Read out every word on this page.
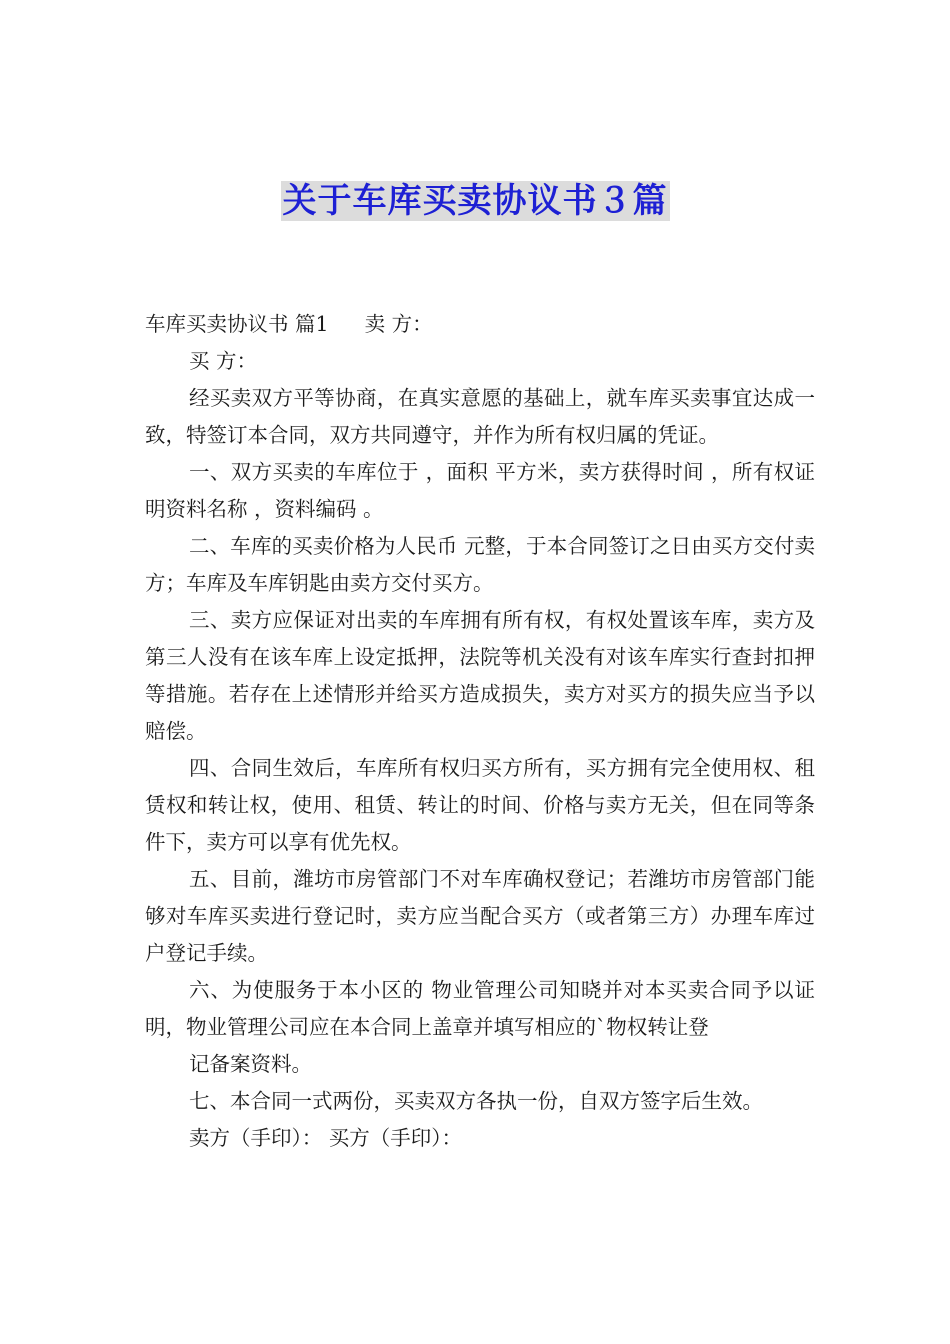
关于车库买卖协议书３篇

车库买卖协议书 篇1 卖 方：

买 方：

经买卖双方平等协商，在真实意愿的基础上，就车库买卖事宜达成一致，特签订本合同，双方共同遵守，并作为所有权归属的凭证。

一、双方买卖的车库位于 ，面积 平方米，卖方获得时间 ，所有权证明资料名称 ，资料编码 。

二、车库的买卖价格为人民币 元整，于本合同签订之日由买方交付卖方；车库及车库钥匙由卖方交付买方。

三、卖方应保证对出卖的车库拥有所有权，有权处置该车库，卖方及第三人没有在该车库上设定抵押，法院等机关没有对该车库实行查封扣押等措施。若存在上述情形并给买方造成损失，卖方对买方的损失应当予以赔偿。

四、合同生效后，车库所有权归买方所有，买方拥有完全使用权、租赁权和转让权，使用、租赁、转让的时间、价格与卖方无关，但在同等条件下，卖方可以享有优先权。

五、目前，潍坊市房管部门不对车库确权登记；若潍坊市房管部门能够对车库买卖进行登记时，卖方应当配合买方（或者第三方）办理车库过户登记手续。

六、为使服务于本小区的 物业管理公司知晓并对本买卖合同予以证明，物业管理公司应在本合同上盖章并填写相应的`物权转让登

记备案资料。

七、本合同一式两份，买卖双方各执一份，自双方签字后生效。

卖方（手印）： 买方（手印）：
